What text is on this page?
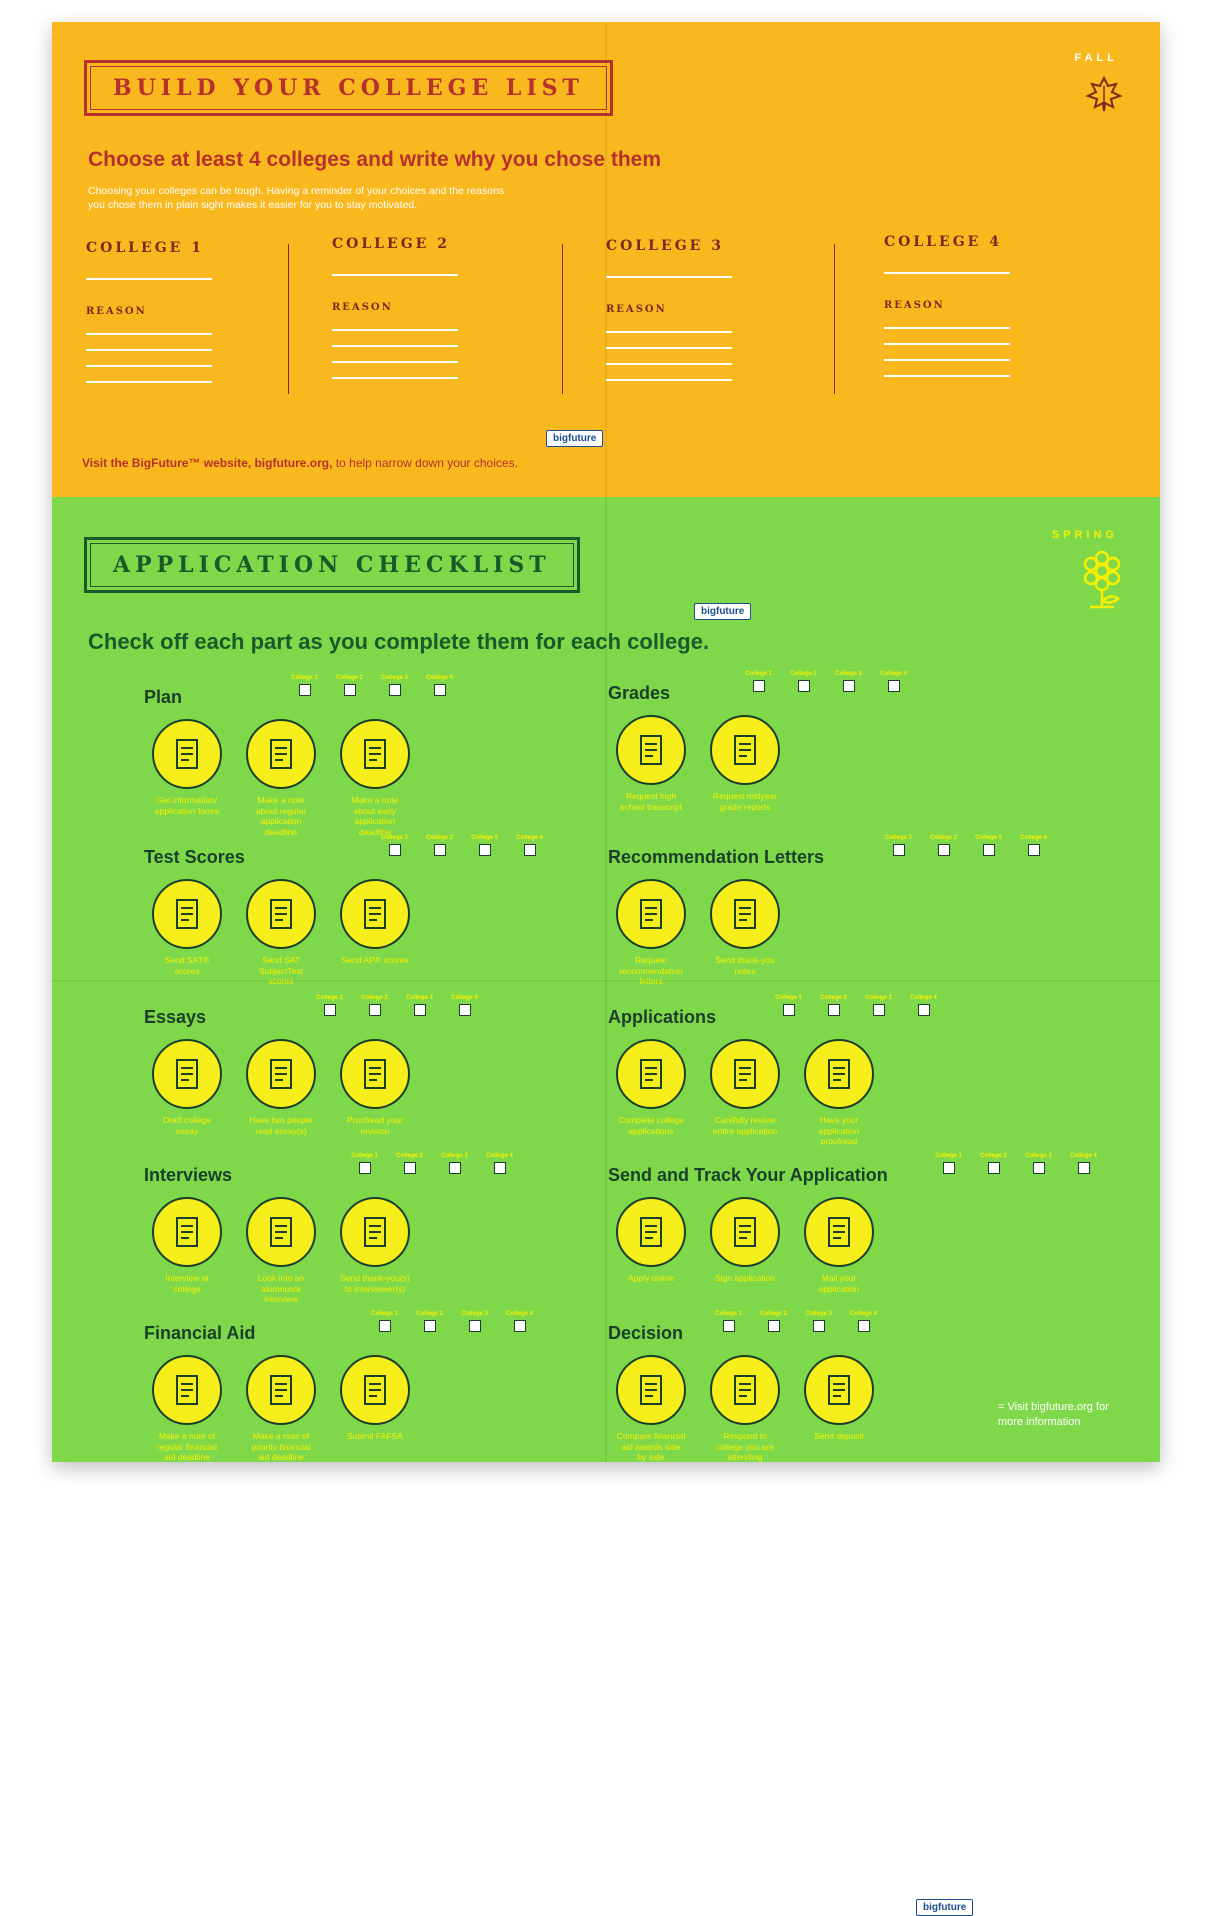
BUILD YOUR COLLEGE LIST
FALL
Choose at least 4 colleges and write why you chose them
Choosing your colleges can be tough. Having a reminder of your choices and the reasons you chose them in plain sight makes it easier for you to stay motivated.
COLLEGE 1
REASON
COLLEGE 2
REASON
COLLEGE 3
REASON
COLLEGE 4
REASON
bigfuture
Visit the BigFuture™ website, bigfuture.org, to help narrow down your choices.
APPLICATION CHECKLIST
SPRING
bigfuture
Check off each part as you complete them for each college.
Plan
College 1	College 2	College 3	College 4
Get information/ application forms
Make a note about regular application deadline
Make a note about early application deadline
Grades
College 1	College 2	College 3	College 4
Request high school transcript
Request midyear grade reports
Test Scores
College 1	College 2	College 3	College 4
Send SAT® scores
Send SAT SubjectTest scores
Send AP® scores
Recommendation Letters
College 1	College 2	College 3	College 4
Request recommendation letters
Send thank-you notes
Essays
College 1	College 2	College 3	College 4
Draft college essay
Have two people read essay(s)
Proofread your revision
Applications
College 1	College 2	College 3	College 4
Complete college applications
Carefully review entire application
Have your application proofread
Interviews
College 1	College 2	College 3	College 4
Interview at college
Look into an alumnus/a interview
Send thank-you(s) to interviewer(s)
Send and Track Your Application
College 1	College 2	College 3	College 4
Apply online	Sign application	Mail your application
Financial Aid
College 1	College 2	College 3	College 4
Make a note of regular financial aid deadline
Make a note of priority financial aid deadline
Submit FAFSA
Decision
College 1	College 2	College 3	College 4
Compare financial aid awards side by side
Respond to college you are attending
Send deposit
bigfuture
= Visit bigfuture.org for more information
